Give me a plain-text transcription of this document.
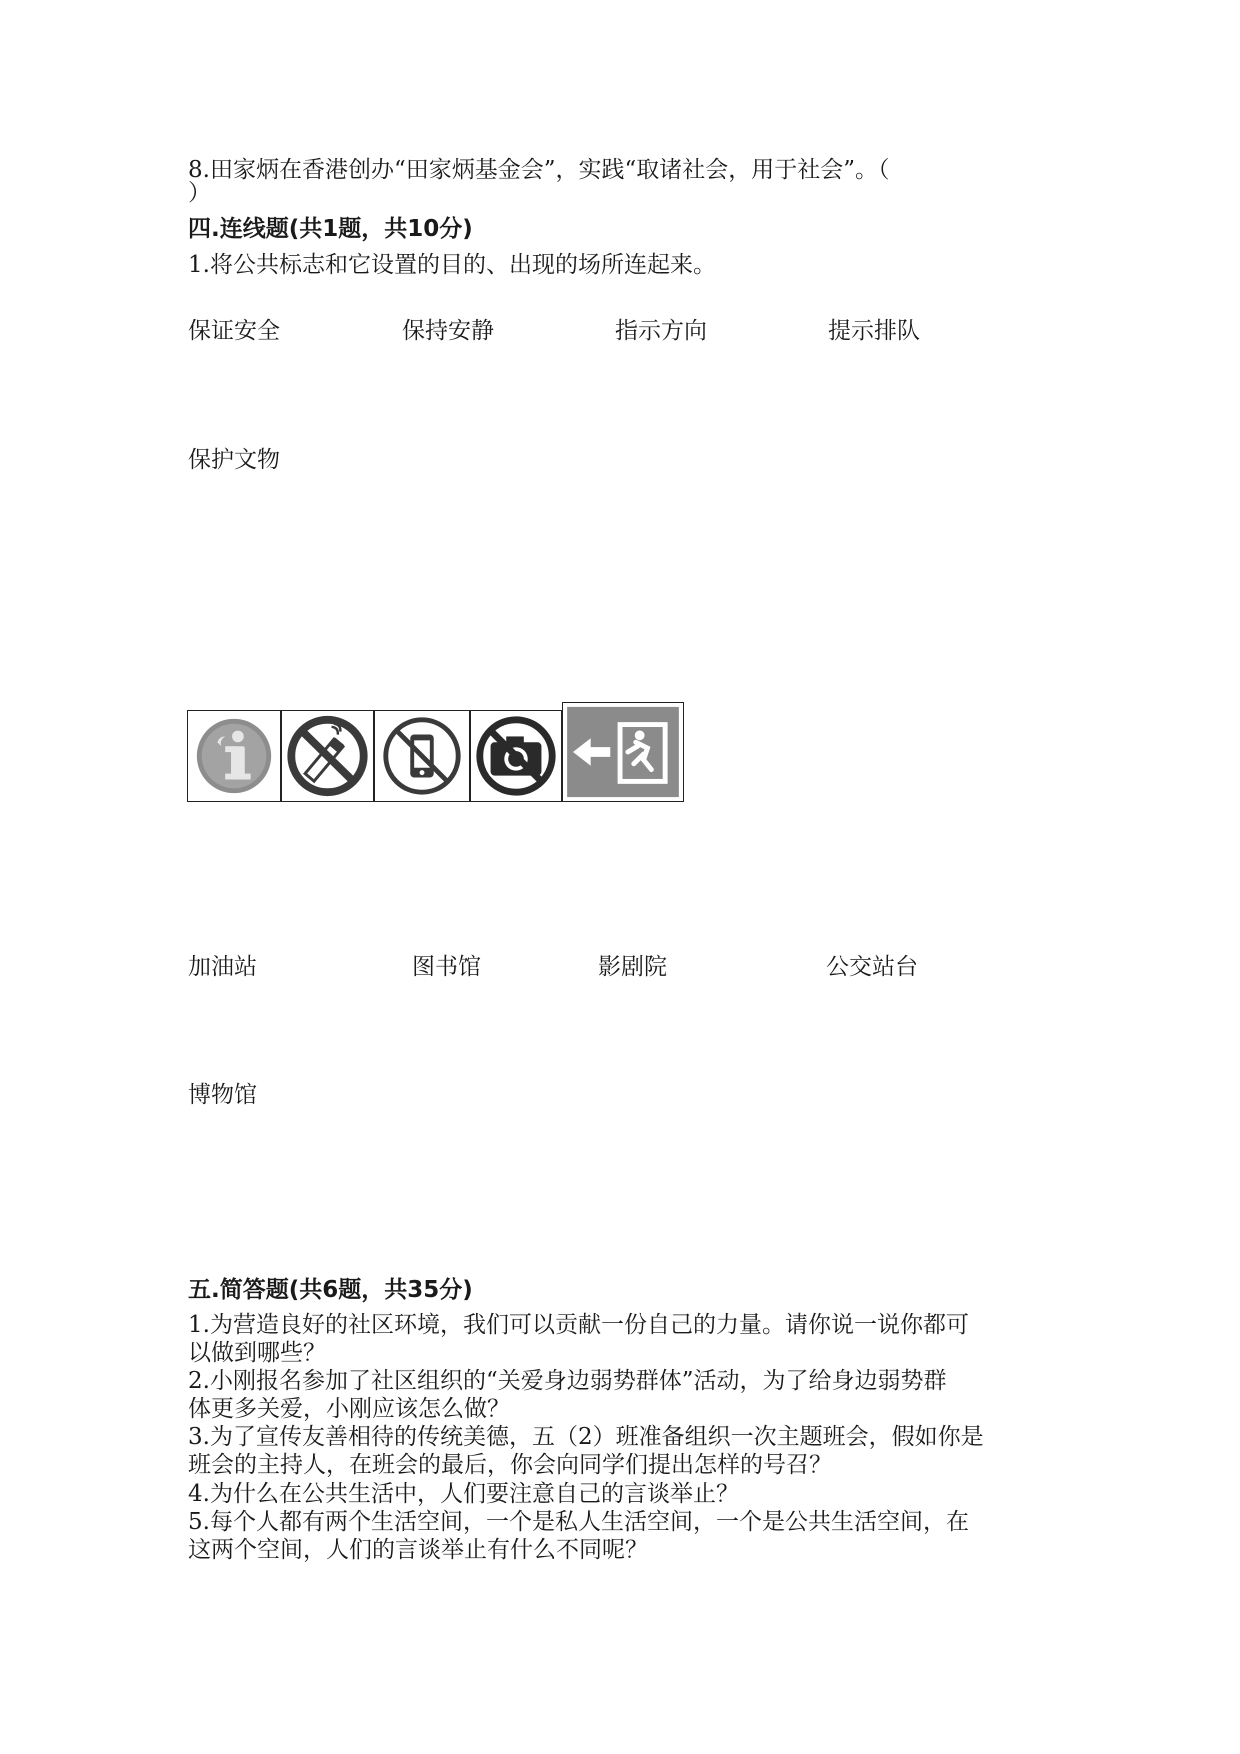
8.田家炳在香港创办“田家炳基金会”，实践“取诸社会，用于社会”。（
）
四.连线题(共1题，共10分)
1.将公共标志和它设置的目的、出现的场所连起来。
保证安全	保持安静	指示方向	提示排队
保护文物
加油站	图书馆	影剧院	公交站台
博物馆
五.简答题(共6题，共35分)
1.为营造良好的社区环境，我们可以贡献一份自己的力量。请你说一说你都可
以做到哪些？
2.小刚报名参加了社区组织的“关爱身边弱势群体”活动，为了给身边弱势群
体更多关爱，小刚应该怎么做？
3.为了宣传友善相待的传统美德，五（2）班准备组织一次主题班会，假如你是
班会的主持人，在班会的最后，你会向同学们提出怎样的号召？
4.为什么在公共生活中，人们要注意自己的言谈举止？
5.每个人都有两个生活空间，一个是私人生活空间，一个是公共生活空间，在
这两个空间，人们的言谈举止有什么不同呢？
